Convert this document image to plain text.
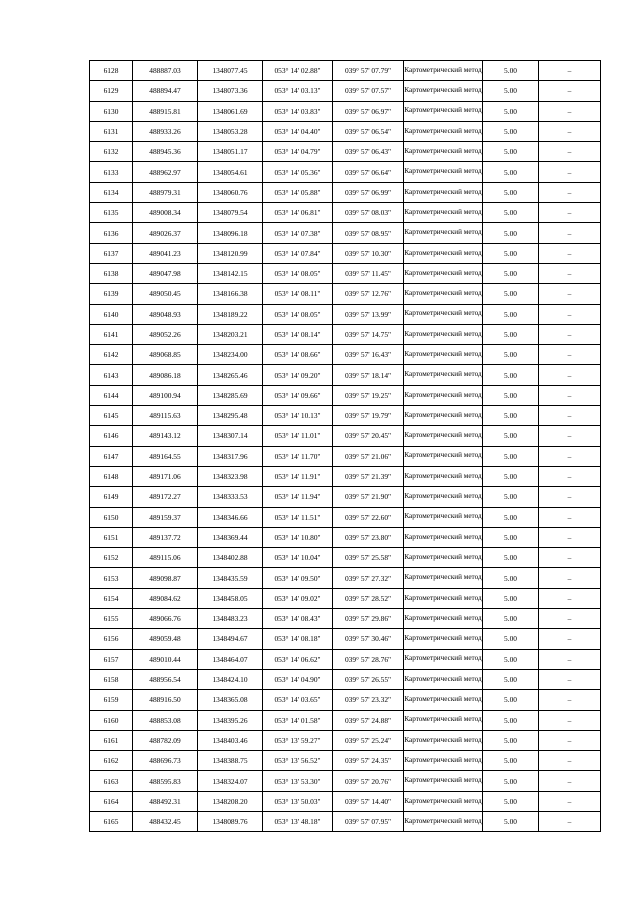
6128	488887.03	1348077.45	053° 14' 02.88"	039° 57' 07.79"	Картометрический метод	5.00	–
6129	488894.47	1348073.36	053° 14' 03.13"	039° 57' 07.57"	Картометрический метод	5.00	–
6130	488915.81	1348061.69	053° 14' 03.83"	039° 57' 06.97"	Картометрический метод	5.00	–
6131	488933.26	1348053.28	053° 14' 04.40"	039° 57' 06.54"	Картометрический метод	5.00	–
6132	488945.36	1348051.17	053° 14' 04.79"	039° 57' 06.43"	Картометрический метод	5.00	–
6133	488962.97	1348054.61	053° 14' 05.36"	039° 57' 06.64"	Картометрический метод	5.00	–
6134	488979.31	1348060.76	053° 14' 05.88"	039° 57' 06.99"	Картометрический метод	5.00	–
6135	489008.34	1348079.54	053° 14' 06.81"	039° 57' 08.03"	Картометрический метод	5.00	–
6136	489026.37	1348096.18	053° 14' 07.38"	039° 57' 08.95"	Картометрический метод	5.00	–
6137	489041.23	1348120.99	053° 14' 07.84"	039° 57' 10.30"	Картометрический метод	5.00	–
6138	489047.98	1348142.15	053° 14' 08.05"	039° 57' 11.45"	Картометрический метод	5.00	–
6139	489050.45	1348166.38	053° 14' 08.11"	039° 57' 12.76"	Картометрический метод	5.00	–
6140	489048.93	1348189.22	053° 14' 08.05"	039° 57' 13.99"	Картометрический метод	5.00	–
6141	489052.26	1348203.21	053° 14' 08.14"	039° 57' 14.75"	Картометрический метод	5.00	–
6142	489068.85	1348234.00	053° 14' 08.66"	039° 57' 16.43"	Картометрический метод	5.00	–
6143	489086.18	1348265.46	053° 14' 09.20"	039° 57' 18.14"	Картометрический метод	5.00	–
6144	489100.94	1348285.69	053° 14' 09.66"	039° 57' 19.25"	Картометрический метод	5.00	–
6145	489115.63	1348295.48	053° 14' 10.13"	039° 57' 19.79"	Картометрический метод	5.00	–
6146	489143.12	1348307.14	053° 14' 11.01"	039° 57' 20.45"	Картометрический метод	5.00	–
6147	489164.55	1348317.96	053° 14' 11.70"	039° 57' 21.06"	Картометрический метод	5.00	–
6148	489171.06	1348323.98	053° 14' 11.91"	039° 57' 21.39"	Картометрический метод	5.00	–
6149	489172.27	1348333.53	053° 14' 11.94"	039° 57' 21.90"	Картометрический метод	5.00	–
6150	489159.37	1348346.66	053° 14' 11.51"	039° 57' 22.60"	Картометрический метод	5.00	–
6151	489137.72	1348369.44	053° 14' 10.80"	039° 57' 23.80"	Картометрический метод	5.00	–
6152	489115.06	1348402.88	053° 14' 10.04"	039° 57' 25.58"	Картометрический метод	5.00	–
6153	489098.87	1348435.59	053° 14' 09.50"	039° 57' 27.32"	Картометрический метод	5.00	–
6154	489084.62	1348458.05	053° 14' 09.02"	039° 57' 28.52"	Картометрический метод	5.00	–
6155	489066.76	1348483.23	053° 14' 08.43"	039° 57' 29.86"	Картометрический метод	5.00	–
6156	489059.48	1348494.67	053° 14' 08.18"	039° 57' 30.46"	Картометрический метод	5.00	–
6157	489010.44	1348464.07	053° 14' 06.62"	039° 57' 28.76"	Картометрический метод	5.00	–
6158	488956.54	1348424.10	053° 14' 04.90"	039° 57' 26.55"	Картометрический метод	5.00	–
6159	488916.50	1348365.08	053° 14' 03.65"	039° 57' 23.32"	Картометрический метод	5.00	–
6160	488853.08	1348395.26	053° 14' 01.58"	039° 57' 24.88"	Картометрический метод	5.00	–
6161	488782.09	1348403.46	053° 13' 59.27"	039° 57' 25.24"	Картометрический метод	5.00	–
6162	488696.73	1348388.75	053° 13' 56.52"	039° 57' 24.35"	Картометрический метод	5.00	–
6163	488595.83	1348324.07	053° 13' 53.30"	039° 57' 20.76"	Картометрический метод	5.00	–
6164	488492.31	1348208.20	053° 13' 50.03"	039° 57' 14.40"	Картометрический метод	5.00	–
6165	488432.45	1348089.76	053° 13' 48.18"	039° 57' 07.95"	Картометрический метод	5.00	–
